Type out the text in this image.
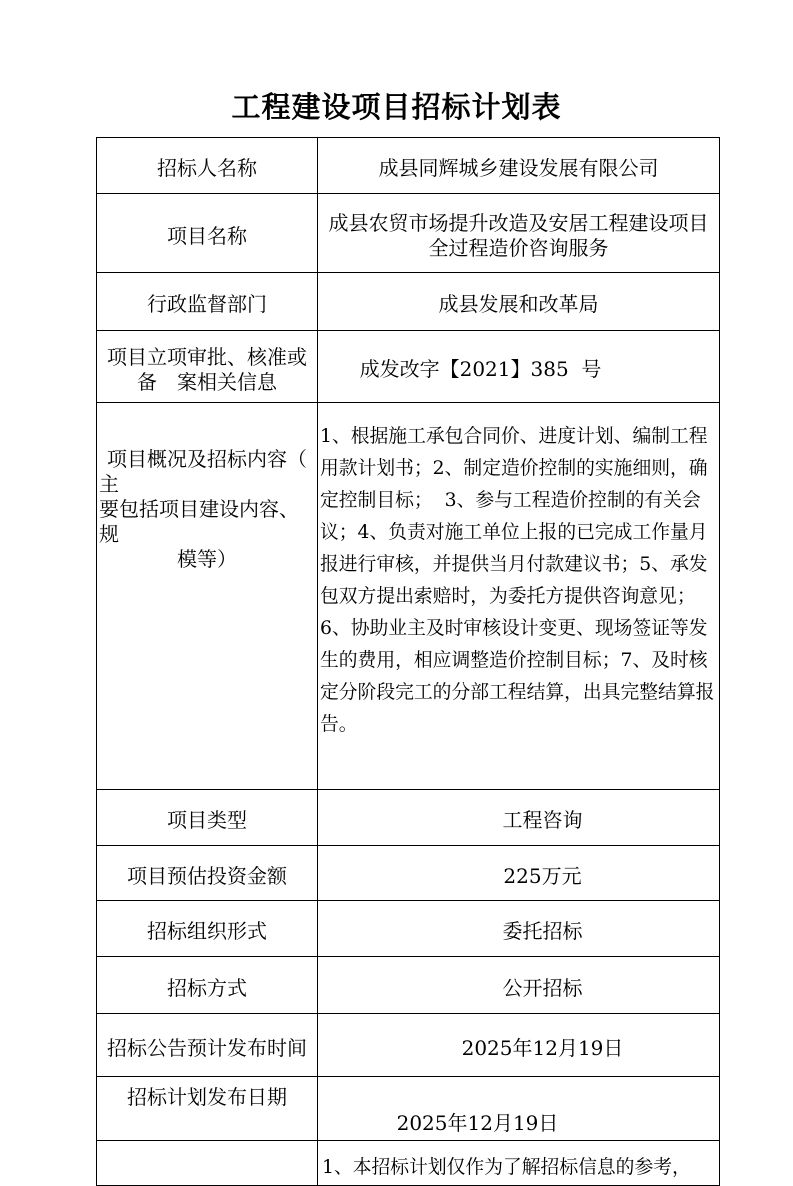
工程建设项目招标计划表
招标人名称	成县同辉城乡建设发展有限公司
项目名称	成县农贸市场提升改造及安居工程建设项目全过程造价咨询服务
行政监督部门	成县发展和改革局

项目立项审批、核准或
备　案相关信息	成发改字【2021】385  号

项目概况及招标内容（
主
要包括项目建设内容、规
模等）	1、根据施工承包合同价、进度计划、编制工程用款计划书；2、制定造价控制的实施细则，确定控制目标；  3、参与工程造价控制的有关会议；4、负责对施工单位上报的已完成工作量月报进行审核，并提供当月付款建议书；5、承发包双方提出索赔时，为委托方提供咨询意见；6、协助业主及时审核设计变更、现场签证等发生的费用，相应调整造价控制目标；7、及时核定分阶段完工的分部工程结算，出具完整结算报告。
项目类型	工程咨询
项目预估投资金额	225万元
招标组织形式	委托招标
招标方式	公开招标
招标公告预计发布时间	2025年12月19日
招标计划发布日期	2025年12月19日
	1、本招标计划仅作为了解招标信息的参考，
